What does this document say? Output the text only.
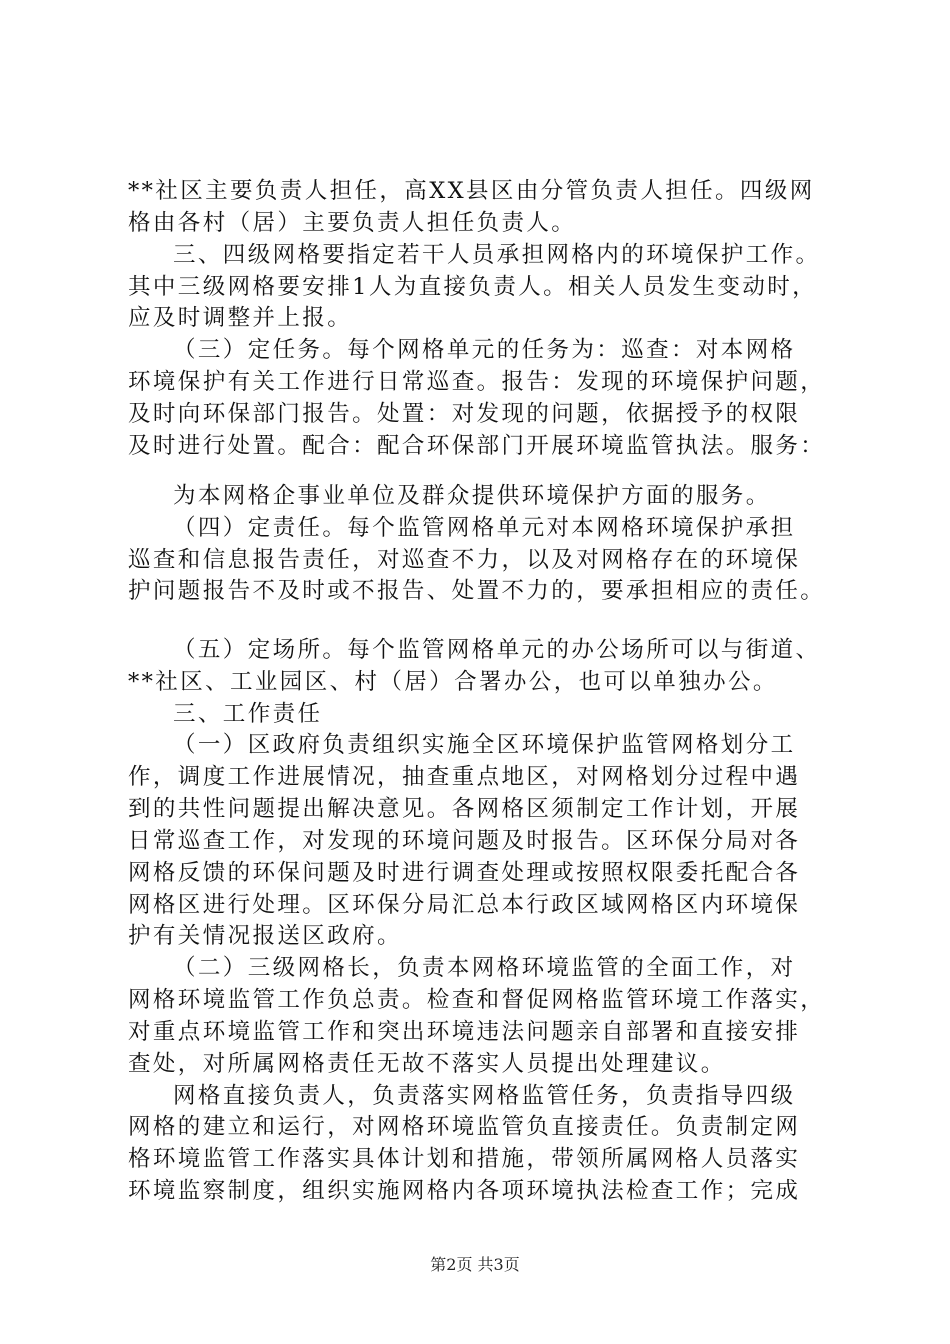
**社区主要负责人担任，高XX县区由分管负责人担任。四级网
格由各村（居）主要负责人担任负责人。
三、四级网格要指定若干人员承担网格内的环境保护工作。
其中三级网格要安排1人为直接负责人。相关人员发生变动时，
应及时调整并上报。
（三）定任务。每个网格单元的任务为：巡查：对本网格
环境保护有关工作进行日常巡查。报告：发现的环境保护问题，
及时向环保部门报告。处置：对发现的问题，依据授予的权限
及时进行处置。配合：配合环保部门开展环境监管执法。服务：
为本网格企事业单位及群众提供环境保护方面的服务。
（四）定责任。每个监管网格单元对本网格环境保护承担
巡查和信息报告责任，对巡查不力，以及对网格存在的环境保
护问题报告不及时或不报告、处置不力的，要承担相应的责任。
（五）定场所。每个监管网格单元的办公场所可以与街道、
**社区、工业园区、村（居）合署办公，也可以单独办公。
三、工作责任
（一）区政府负责组织实施全区环境保护监管网格划分工
作，调度工作进展情况，抽查重点地区，对网格划分过程中遇
到的共性问题提出解决意见。各网格区须制定工作计划，开展
日常巡查工作，对发现的环境问题及时报告。区环保分局对各
网格反馈的环保问题及时进行调查处理或按照权限委托配合各
网格区进行处理。区环保分局汇总本行政区域网格区内环境保
护有关情况报送区政府。
（二）三级网格长，负责本网格环境监管的全面工作，对
网格环境监管工作负总责。检查和督促网格监管环境工作落实，
对重点环境监管工作和突出环境违法问题亲自部署和直接安排
查处，对所属网格责任无故不落实人员提出处理建议。
网格直接负责人，负责落实网格监管任务，负责指导四级
网格的建立和运行，对网格环境监管负直接责任。负责制定网
格环境监管工作落实具体计划和措施，带领所属网格人员落实
环境监察制度，组织实施网格内各项环境执法检查工作；完成
第2页 共3页
